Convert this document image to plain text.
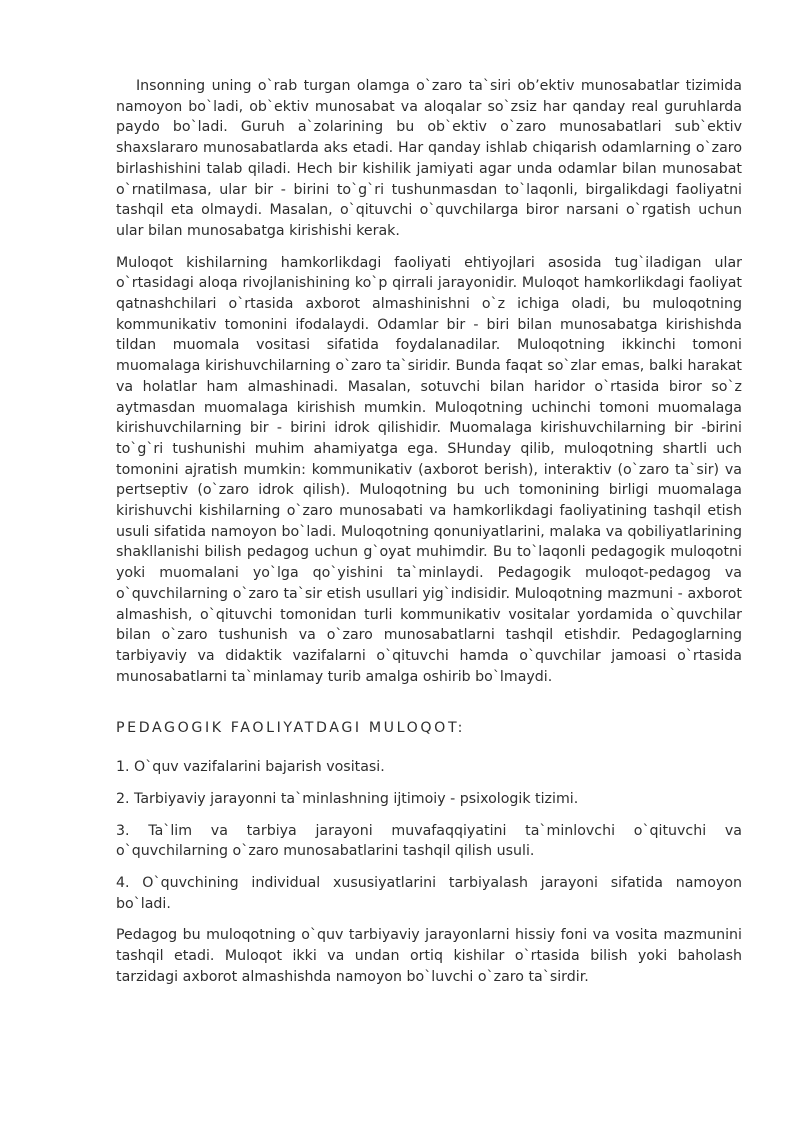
Insonning uning o`rab turgan olamga o`zaro ta`siri ob’ektiv munosabatlar tizimida namoyon bo`ladi, ob`ektiv munosabat va aloqalar so`zsiz har qanday real guruhlarda paydo bo`ladi. Guruh a`zolarining bu ob`ektiv o`zaro munosabatlari sub`ektiv shaxslararo munosabatlarda aks etadi. Har qanday ishlab chiqarish odamlarning o`zaro birlashishini talab qiladi. Hech bir kishilik jamiyati agar unda odamlar bilan munosabat o`rnatilmasa, ular bir - birini to`g`ri tushunmasdan to`laqonli, birgalikdagi faoliyatni tashqil eta olmaydi. Masalan, o`qituvchi o`quvchilarga biror narsani o`rgatish uchun ular bilan munosabatga kirishishi kerak.

Muloqot kishilarning hamkorlikdagi faoliyati ehtiyojlari asosida tug`iladigan ular o`rtasidagi aloqa rivojlanishining ko`p qirrali jarayonidir. Muloqot hamkorlikdagi faoliyat qatnashchilari o`rtasida axborot almashinishni o`z ichiga oladi, bu muloqotning kommunikativ tomonini ifodalaydi. Odamlar bir - biri bilan munosabatga kirishishda tildan muomala vositasi sifatida foydalanadilar. Muloqotning ikkinchi tomoni muomalaga kirishuvchilarning o`zaro ta`siridir. Bunda faqat so`zlar emas, balki harakat va holatlar ham almashinadi. Masalan, sotuvchi bilan haridor o`rtasida biror so`z aytmasdan muomalaga kirishish mumkin. Muloqotning uchinchi tomoni muomalaga kirishuvchilarning bir - birini idrok qilishidir. Muomalaga kirishuvchilarning bir -birini to`g`ri tushunishi muhim ahamiyatga ega. SHunday qilib, muloqotning shartli uch tomonini ajratish mumkin: kommunikativ (axborot berish), interaktiv (o`zaro ta`sir) va pertseptiv (o`zaro idrok qilish). Muloqotning bu uch tomonining birligi muomalaga kirishuvchi kishilarning o`zaro munosabati va hamkorlikdagi faoliyatining tashqil etish usuli sifatida namoyon bo`ladi. Muloqotning qonuniyatlarini, malaka va qobiliyatlarining shakllanishi bilish pedagog uchun g`oyat muhimdir. Bu to`laqonli pedagogik muloqotni yoki muomalani yo`lga qo`yishini ta`minlaydi. Pedagogik muloqot-pedagog va o`quvchilarning o`zaro ta`sir etish usullari yig`indisidir. Muloqotning mazmuni - axborot almashish, o`qituvchi tomonidan turli kommunikativ vositalar yordamida o`quvchilar bilan o`zaro tushunish va o`zaro munosabatlarni tashqil etishdir. Pedagoglarning tarbiyaviy va didaktik vazifalarni o`qituvchi hamda o`quvchilar jamoasi o`rtasida munosabatlarni ta`minlamay turib amalga oshirib bo`lmaydi.

PEDAGOGIK FAOLIYATDAGI MULOQOT:

1. O`quv vazifalarini bajarish vositasi.

2. Tarbiyaviy jarayonni ta`minlashning ijtimoiy - psixologik tizimi.

3. Ta`lim va tarbiya jarayoni muvafaqqiyatini ta`minlovchi o`qituvchi va o`quvchilarning o`zaro munosabatlarini tashqil qilish usuli.

4. O`quvchining individual xususiyatlarini tarbiyalash jarayoni sifatida namoyon bo`ladi.

Pedagog bu muloqotning o`quv tarbiyaviy jarayonlarni hissiy foni va vosita mazmunini tashqil etadi. Muloqot ikki va undan ortiq kishilar o`rtasida bilish yoki baholash tarzidagi axborot almashishda namoyon bo`luvchi o`zaro ta`sirdir.
